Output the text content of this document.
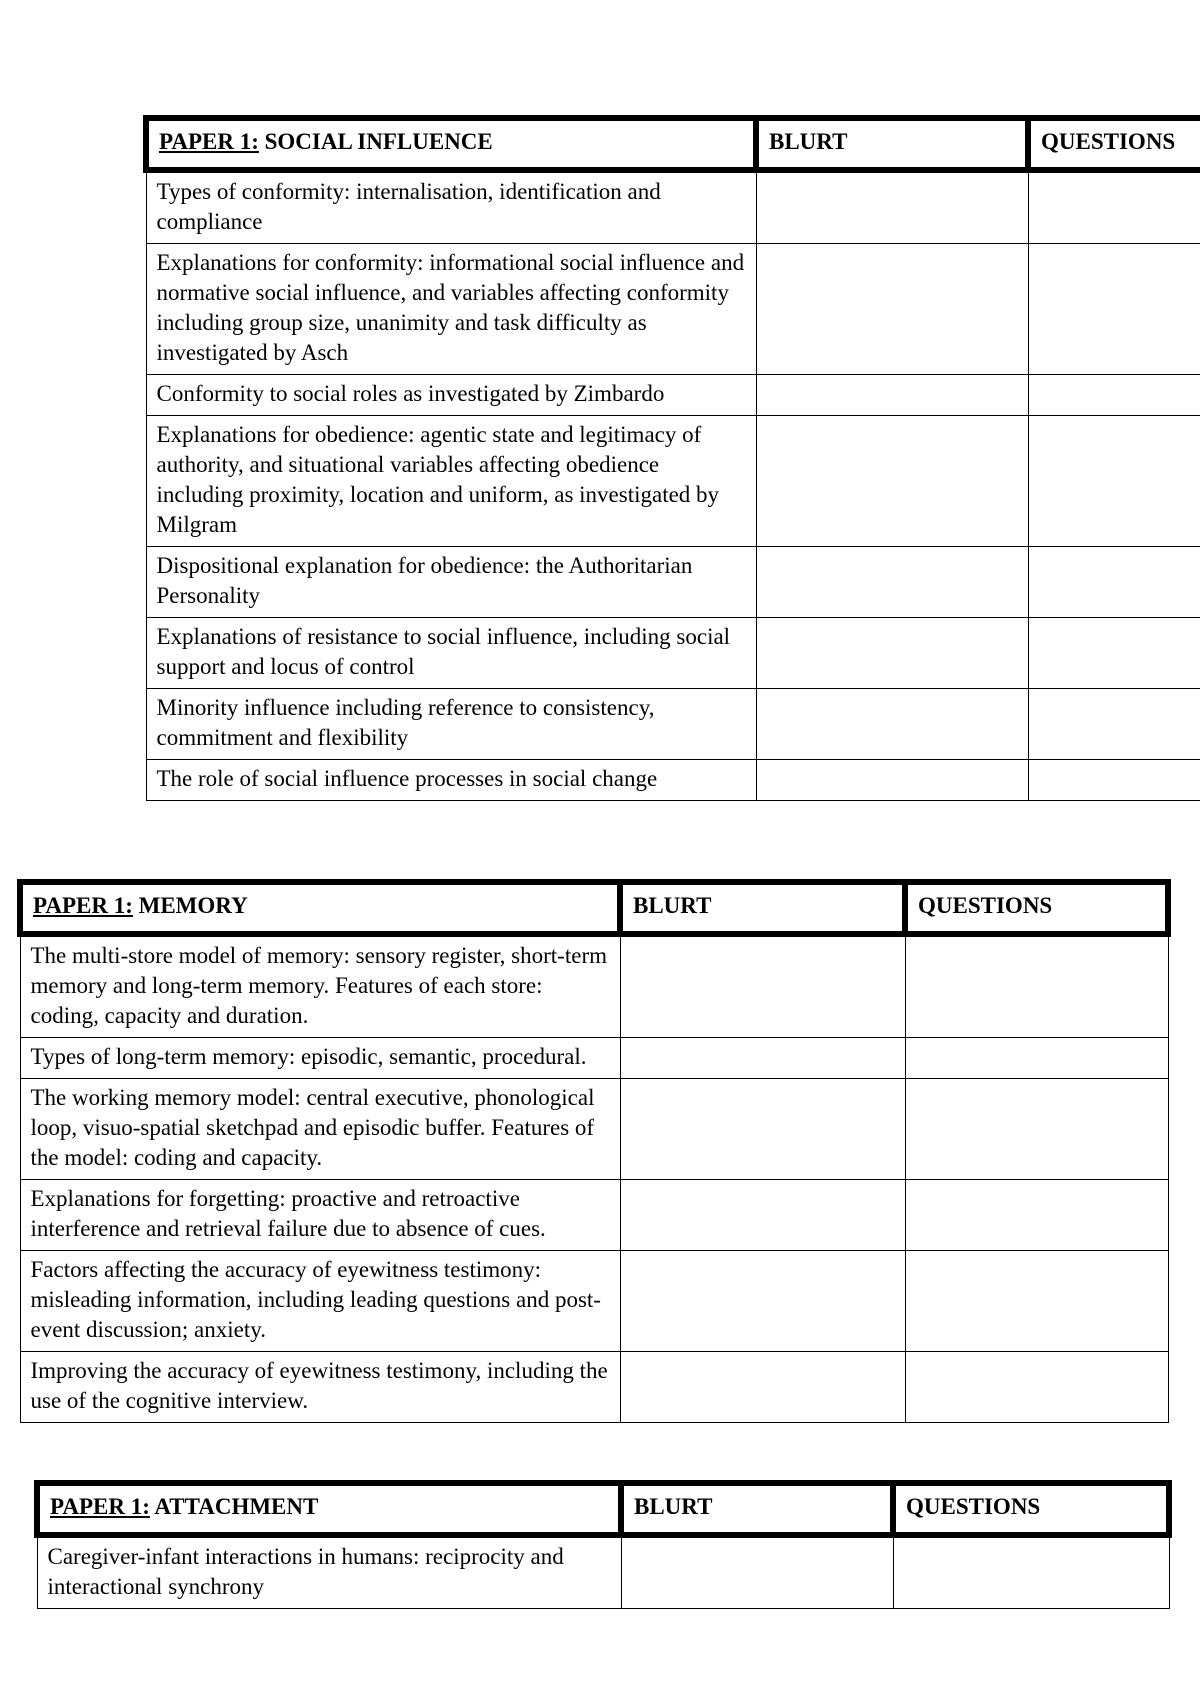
PAPER 1: SOCIAL INFLUENCE	BLURT	QUESTIONS
Types of conformity: internalisation, identification and compliance		
Explanations for conformity: informational social influence and normative social influence, and variables affecting conformity including group size, unanimity and task difficulty as investigated by Asch		
Conformity to social roles as investigated by Zimbardo		
Explanations for obedience: agentic state and legitimacy of authority, and situational variables affecting obedience including proximity, location and uniform, as investigated by Milgram		
Dispositional explanation for obedience: the Authoritarian Personality		
Explanations of resistance to social influence, including social support and locus of control		
Minority influence including reference to consistency, commitment and flexibility		
The role of social influence processes in social change		
PAPER 1: MEMORY	BLURT	QUESTIONS
The multi-store model of memory: sensory register, short-term memory and long-term memory. Features of each store: coding, capacity and duration.		
Types of long-term memory: episodic, semantic, procedural.		
The working memory model: central executive, phonological loop, visuo-spatial sketchpad and episodic buffer. Features of the model: coding and capacity.		
Explanations for forgetting: proactive and retroactive interference and retrieval failure due to absence of cues.		
Factors affecting the accuracy of eyewitness testimony: misleading information, including leading questions and post-event discussion; anxiety.		
Improving the accuracy of eyewitness testimony, including the use of the cognitive interview.		
PAPER 1: ATTACHMENT	BLURT	QUESTIONS
Caregiver-infant interactions in humans: reciprocity and interactional synchrony		
